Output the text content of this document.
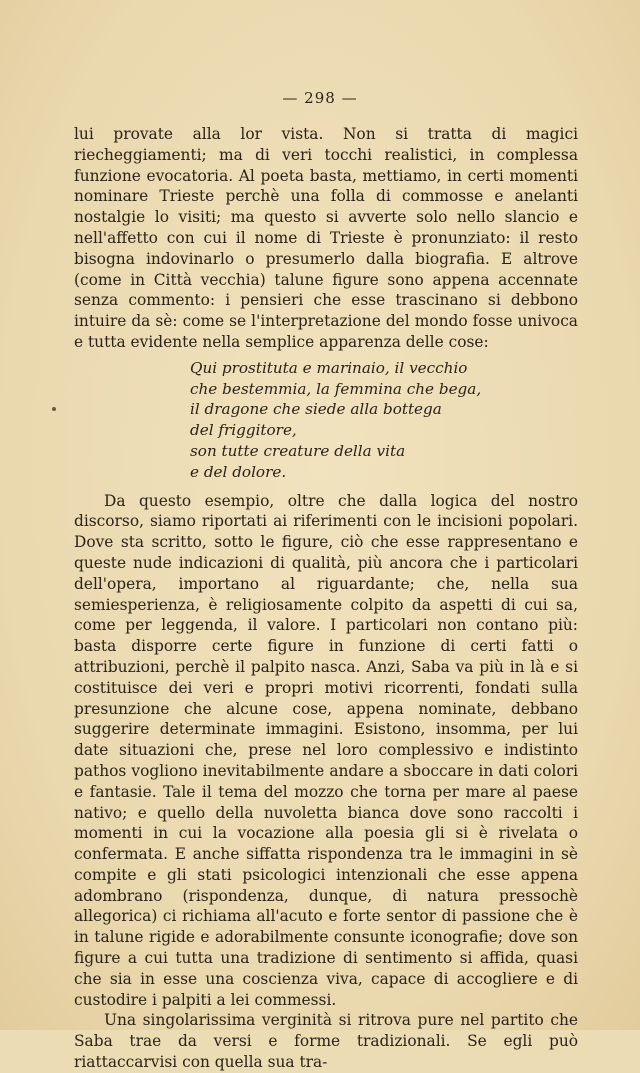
— 298 —

lui provate alla lor vista. Non si tratta di magici riecheggiamenti; ma di veri tocchi realistici, in complessa funzione evocatoria. Al poeta basta, mettiamo, in certi momenti nominare Trieste perchè una folla di commosse e anelanti nostalgie lo visiti; ma questo si avverte solo nello slancio e nell'affetto con cui il nome di Trieste è pronunziato: il resto bisogna indovinarlo o presumerlo dalla biografia. E altrove (come in Città vecchia) talune figure sono appena accennate senza commento: i pensieri che esse trascinano si debbono intuire da sè: come se l'interpretazione del mondo fosse univoca e tutta evidente nella semplice apparenza delle cose:

Qui prostituta e marinaio, il vecchio
che bestemmia, la femmina che bega,
il dragone che siede alla bottega
del friggitore,
son tutte creature della vita
e del dolore.

Da questo esempio, oltre che dalla logica del nostro discorso, siamo riportati ai riferimenti con le incisioni popolari. Dove sta scritto, sotto le figure, ciò che esse rappresentano e queste nude indicazioni di qualità, più ancora che i particolari dell'opera, importano al riguardante; che, nella sua semiesperienza, è religiosamente colpito da aspetti di cui sa, come per leggenda, il valore. I particolari non contano più: basta disporre certe figure in funzione di certi fatti o attribuzioni, perchè il palpito nasca. Anzi, Saba va più in là e si costituisce dei veri e propri motivi ricorrenti, fondati sulla presunzione che alcune cose, appena nominate, debbano suggerire determinate immagini. Esistono, insomma, per lui date situazioni che, prese nel loro complessivo e indistinto pathos vogliono inevitabilmente andare a sboccare in dati colori e fantasie. Tale il tema del mozzo che torna per mare al paese nativo; e quello della nuvoletta bianca dove sono raccolti i momenti in cui la vocazione alla poesia gli si è rivelata o confermata. E anche siffatta rispondenza tra le immagini in sè compite e gli stati psicologici intenzionali che esse appena adombrano (rispondenza, dunque, di natura pressochè allegorica) ci richiama all'acuto e forte sentor di passione che è in talune rigide e adorabilmente consunte iconografie; dove son figure a cui tutta una tradizione di sentimento si affida, quasi che sia in esse una coscienza viva, capace di accogliere e di custodire i palpiti a lei commessi.

Una singolarissima verginità si ritrova pure nel partito che Saba trae da versi e forme tradizionali. Se egli può riattaccarvisi con quella sua tra-
